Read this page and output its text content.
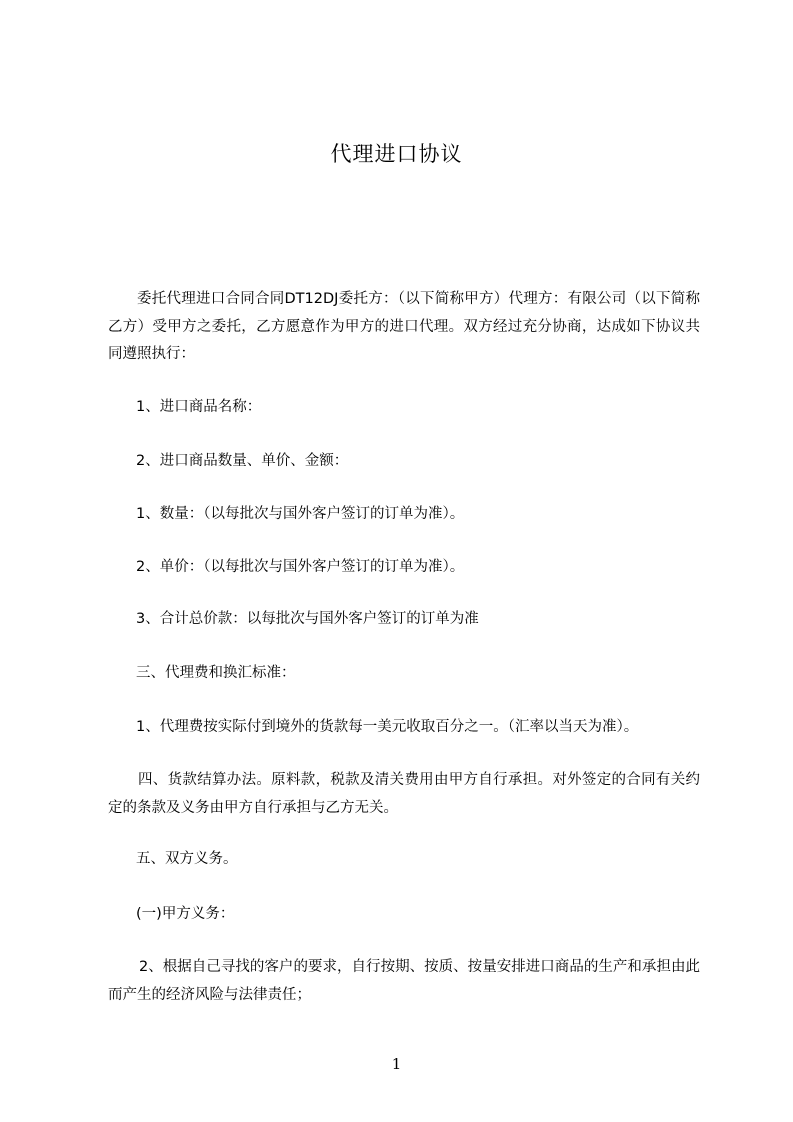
代理进口协议

委托代理进口合同合同DT12DJ委托方：（以下简称甲方）代理方：有限公司（以下简称乙方）受甲方之委托，乙方愿意作为甲方的进口代理。双方经过充分协商，达成如下协议共同遵照执行：

1、进口商品名称：

2、进口商品数量、单价、金额：

1、数量：（以每批次与国外客户签订的订单为准）。

2、单价：（以每批次与国外客户签订的订单为准）。

3、合计总价款：以每批次与国外客户签订的订单为准

三、代理费和换汇标准：

1、代理费按实际付到境外的货款每一美元收取百分之一。（汇率以当天为准）。

四、货款结算办法。原料款，税款及清关费用由甲方自行承担。对外签定的合同有关约定的条款及义务由甲方自行承担与乙方无关。

五、双方义务。

(一)甲方义务：

2、根据自己寻找的客户的要求，自行按期、按质、按量安排进口商品的生产和承担由此而产生的经济风险与法律责任；

1
